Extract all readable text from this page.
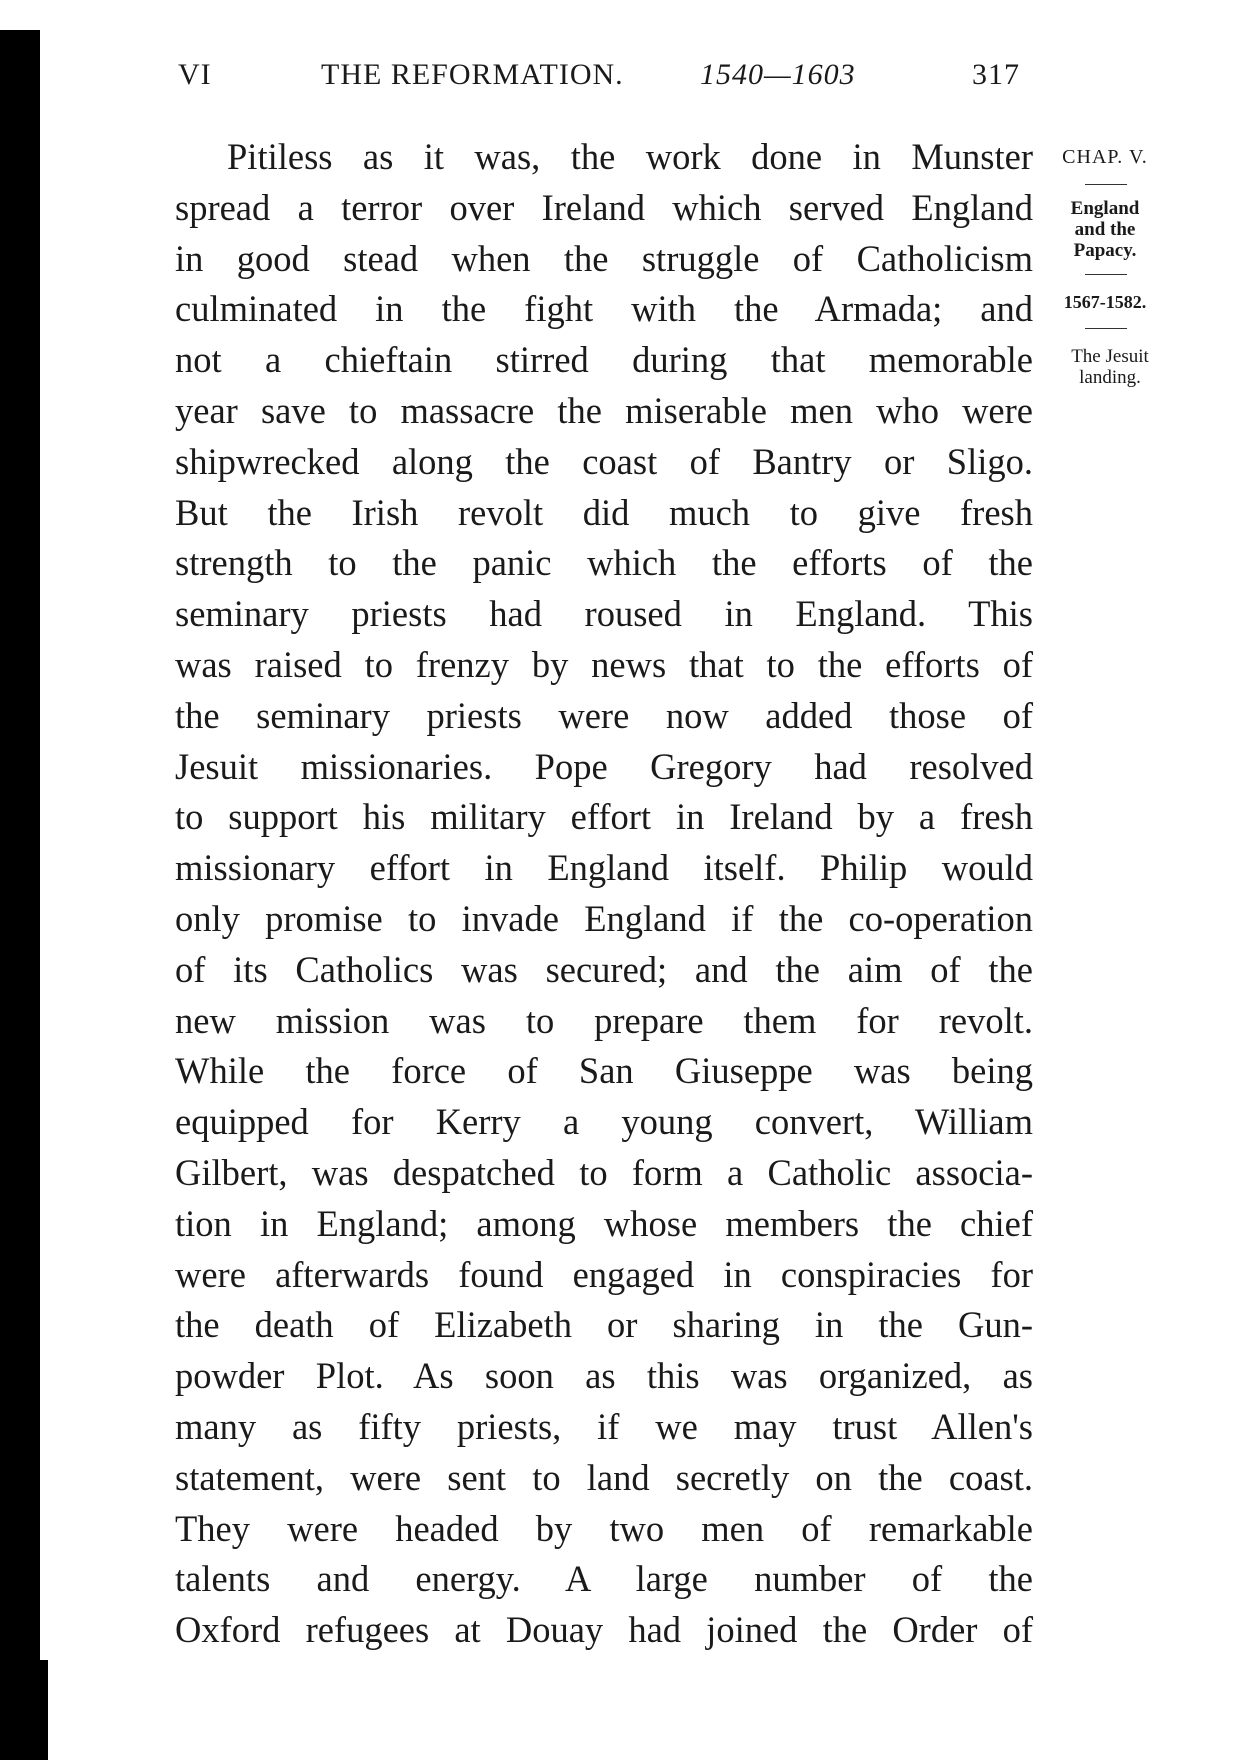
VI	THE REFORMATION.	1540—1603	317
Pitiless as it was, the work done in Munster
spread a terror over Ireland which served England
in good stead when the struggle of Catholicism
culminated in the fight with the Armada; and
not a chieftain stirred during that memorable
year save to massacre the miserable men who were
shipwrecked along the coast of Bantry or Sligo.
But the Irish revolt did much to give fresh
strength to the panic which the efforts of the
seminary priests had roused in England. This
was raised to frenzy by news that to the efforts of
the seminary priests were now added those of
Jesuit missionaries. Pope Gregory had resolved
to support his military effort in Ireland by a fresh
missionary effort in England itself. Philip would
only promise to invade England if the co-operation
of its Catholics was secured; and the aim of the
new mission was to prepare them for revolt.
While the force of San Giuseppe was being
equipped for Kerry a young convert, William
Gilbert, was despatched to form a Catholic associa-
tion in England; among whose members the chief
were afterwards found engaged in conspiracies for
the death of Elizabeth or sharing in the Gun-
powder Plot. As soon as this was organized, as
many as fifty priests, if we may trust Allen's
statement, were sent to land secretly on the coast.
They were headed by two men of remarkable
talents and energy. A large number of the
Oxford refugees at Douay had joined the Order of
CHAP. V.
England
and the
Papacy.
1567-1582.
The Jesuit
landing.
